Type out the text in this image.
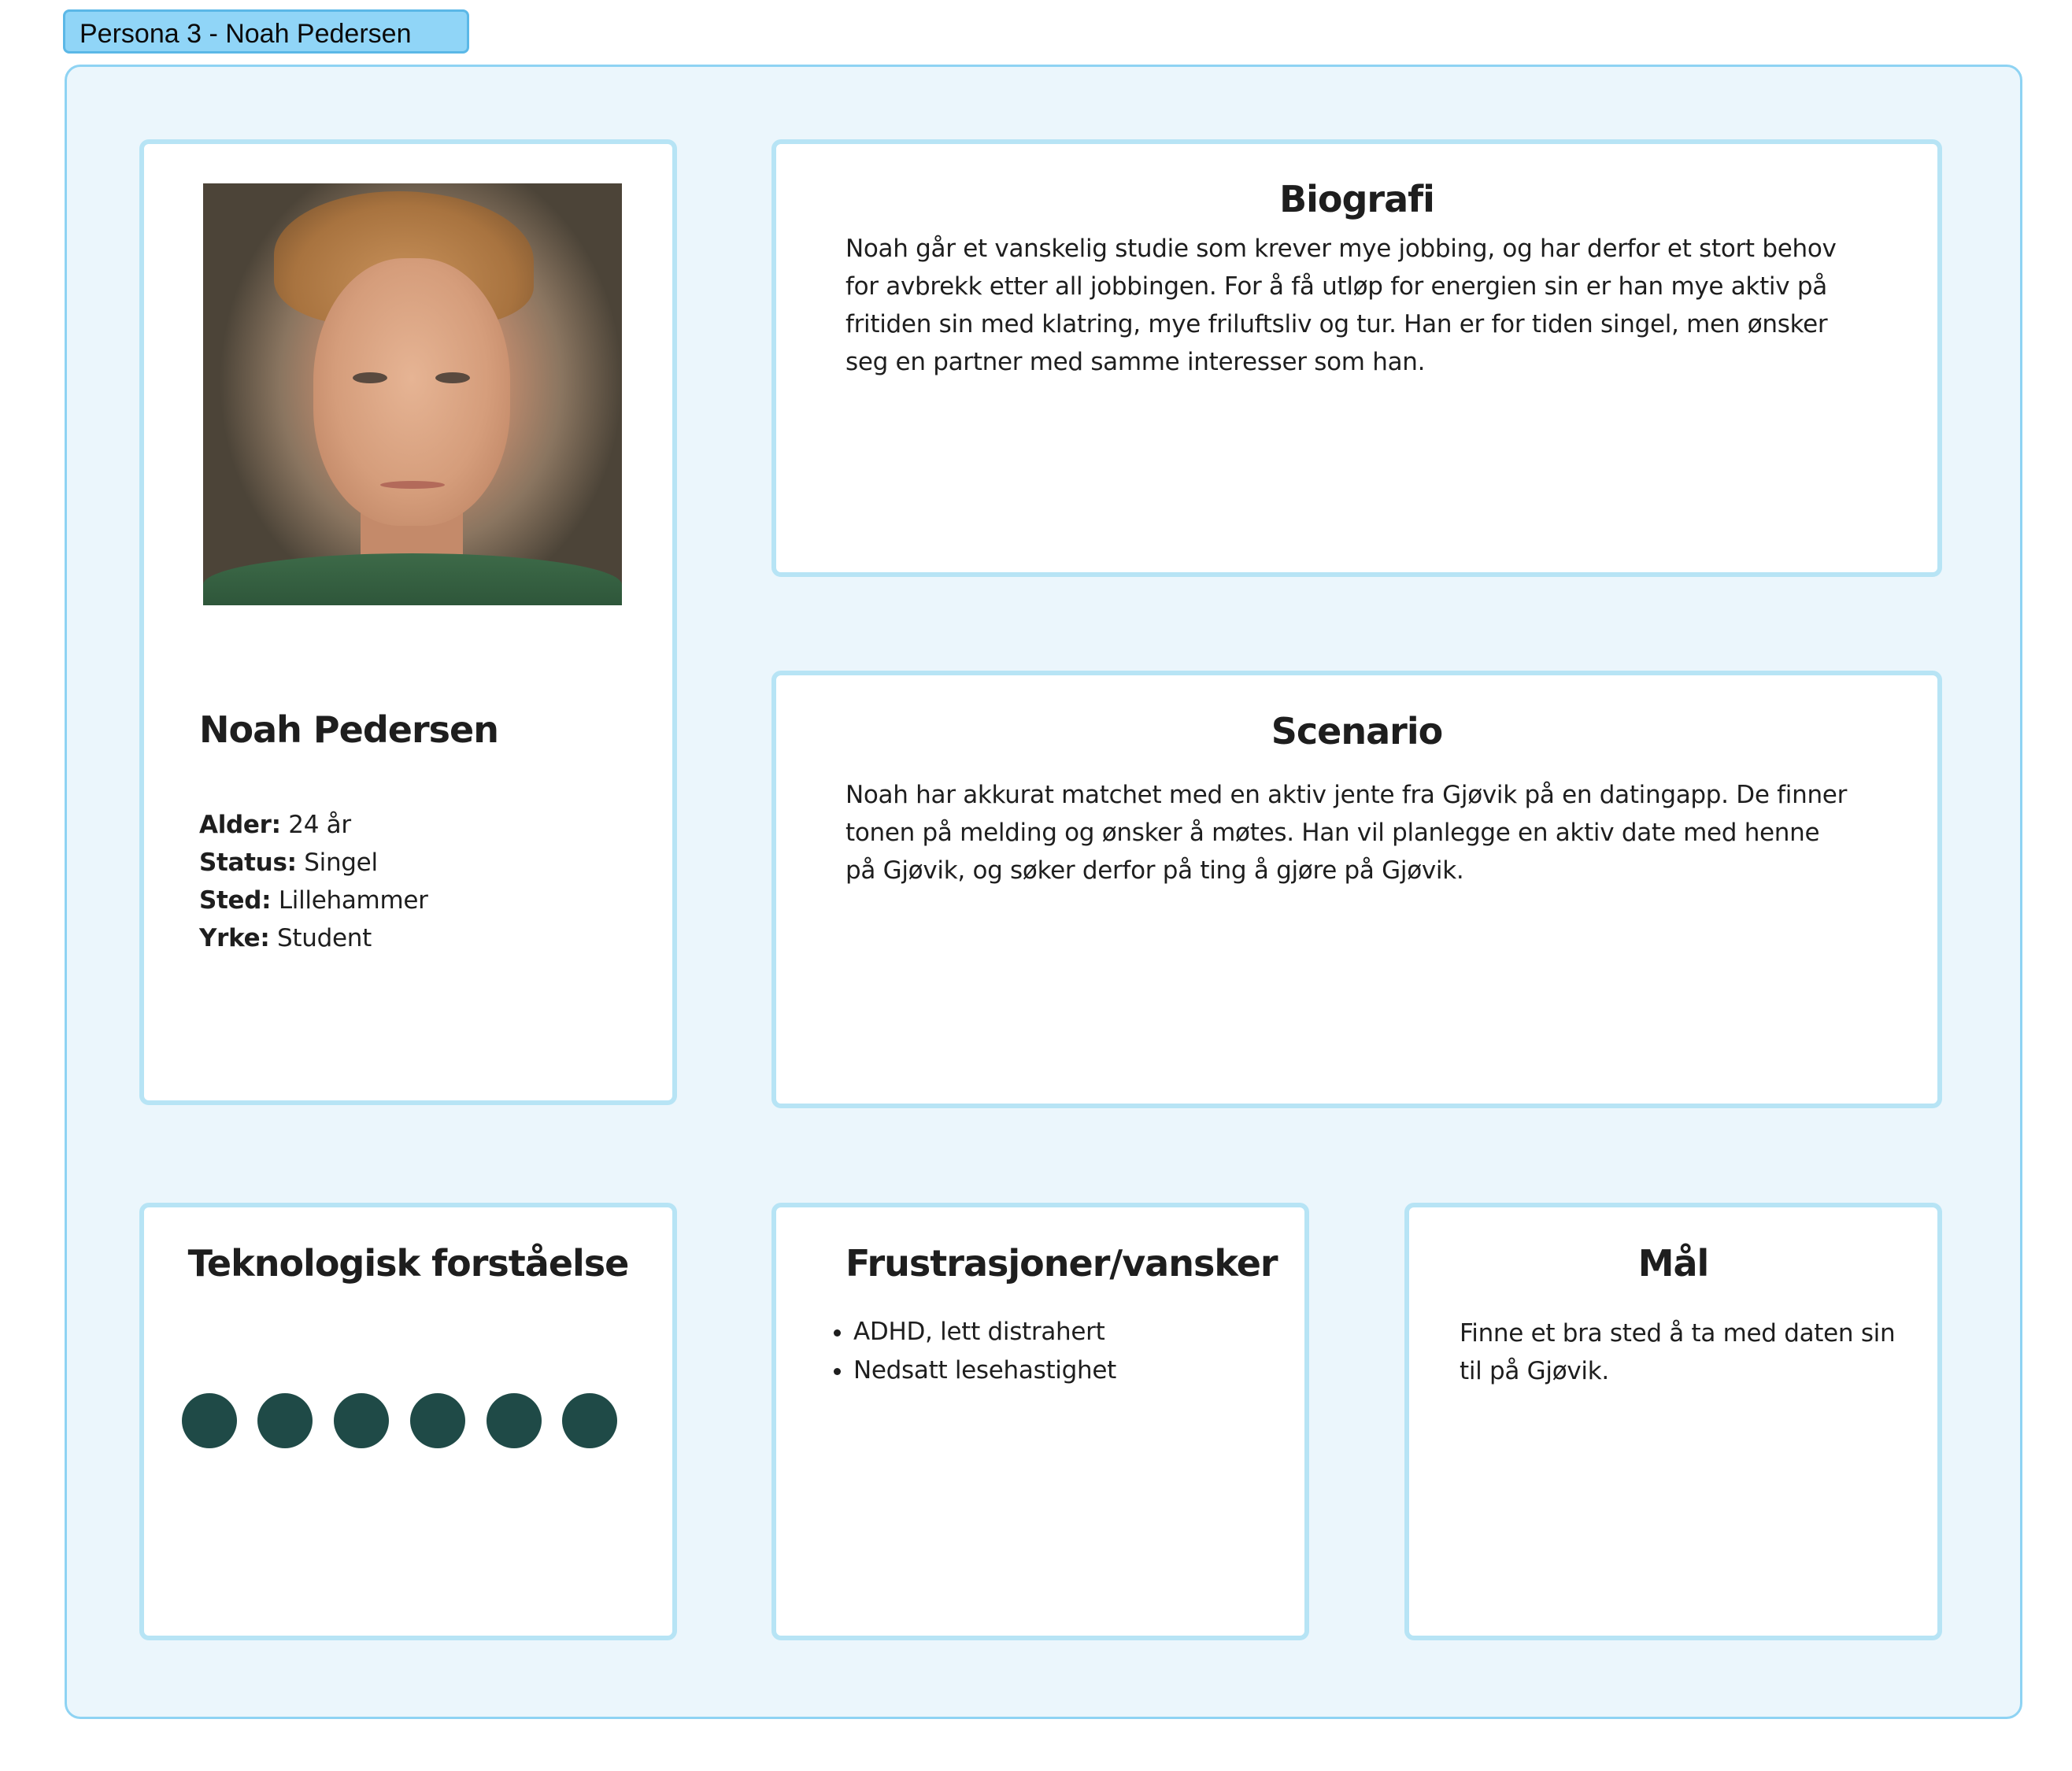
Persona 3 - Noah Pedersen
Noah Pedersen
Alder: 24 år
Status: Singel
Sted: Lillehammer
Yrke: Student
Biografi
Noah går et vanskelig studie som krever mye jobbing, og har derfor et stort behov for avbrekk etter all jobbingen. For å få utløp for energien sin er han mye aktiv på fritiden sin med klatring, mye friluftsliv og tur. Han er for tiden singel, men ønsker seg en partner med samme interesser som han.
Scenario
Noah har akkurat matchet med en aktiv jente fra Gjøvik på en datingapp. De finner tonen på melding og ønsker å møtes. Han vil planlegge en aktiv date med henne på Gjøvik, og søker derfor på ting å gjøre på Gjøvik.
Teknologisk forståelse	Frustrasjoner/vansker
• ADHD, lett distrahert
• Nedsatt lesehastighet
Mål
Finne et bra sted å ta med daten sin til på Gjøvik.
